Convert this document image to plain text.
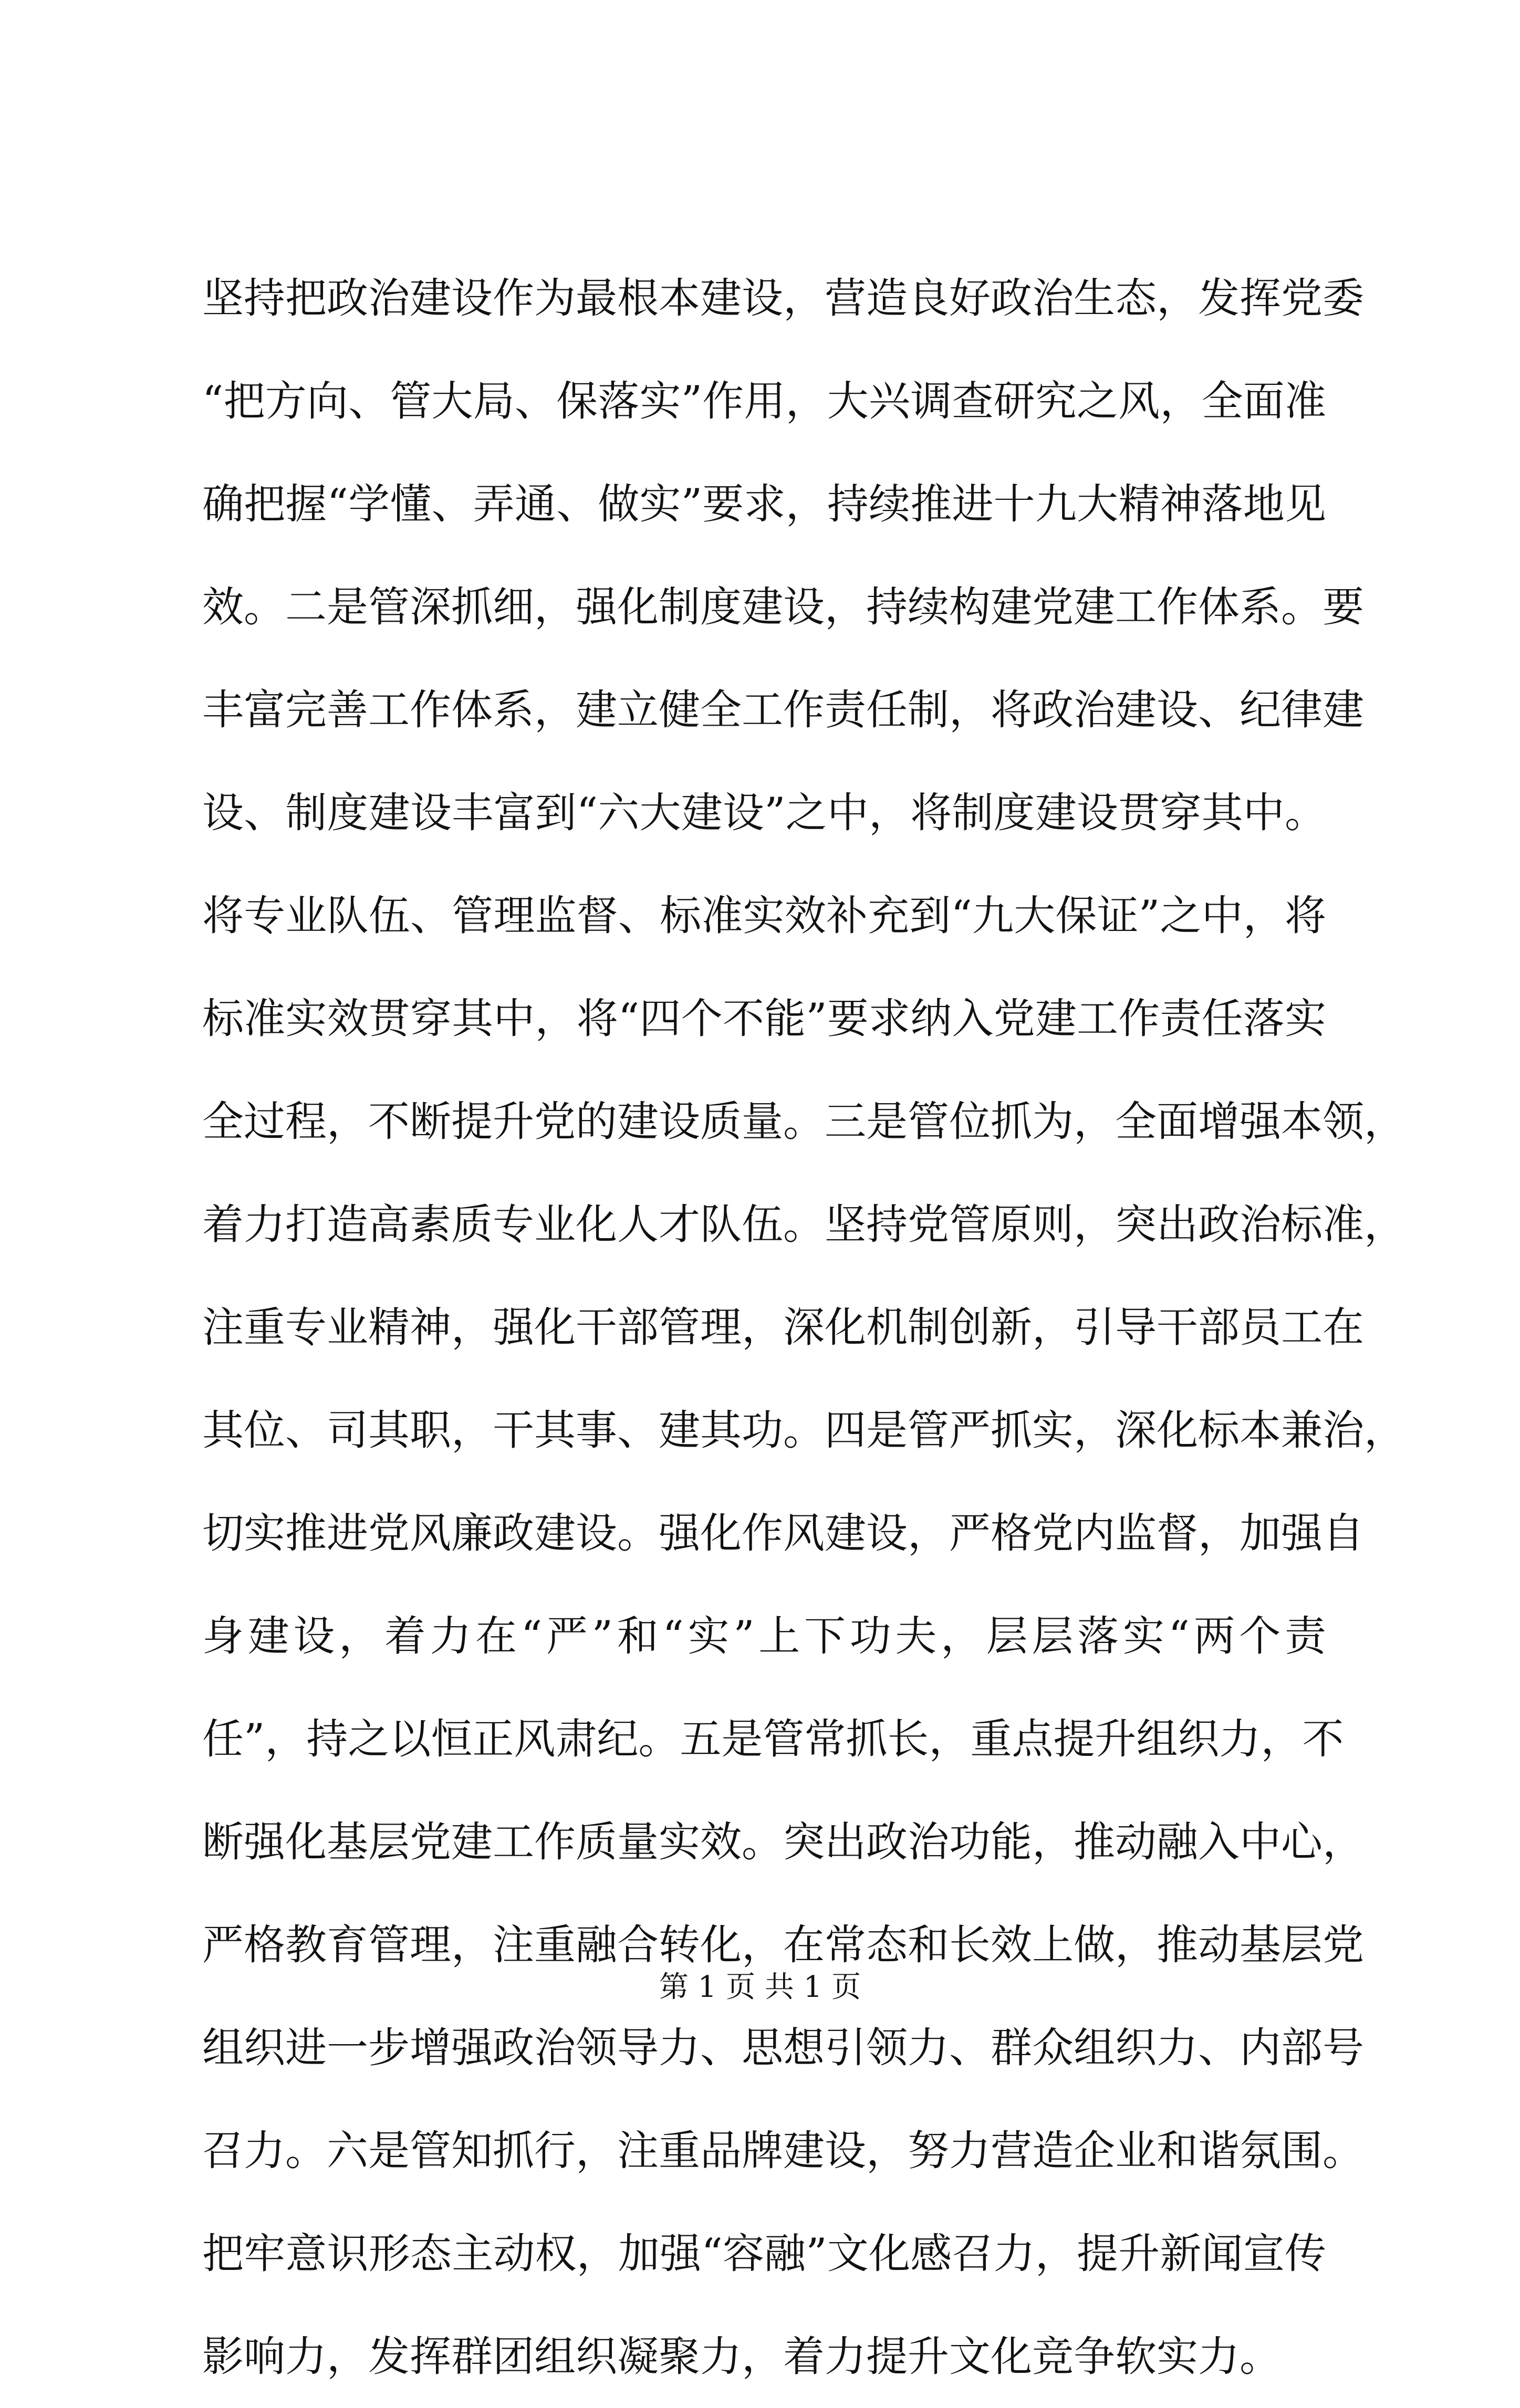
坚持把政治建设作为最根本建设，营造良好政治生态，发挥党委
“把方向、管大局、保落实”作用，大兴调查研究之风，全面准
确把握“学懂、弄通、做实”要求，持续推进十九大精神落地见
效。二是管深抓细，强化制度建设，持续构建党建工作体系。要
丰富完善工作体系，建立健全工作责任制，将政治建设、纪律建
设、制度建设丰富到“六大建设”之中，将制度建设贯穿其中。
将专业队伍、管理监督、标准实效补充到“九大保证”之中，将
标准实效贯穿其中，将“四个不能”要求纳入党建工作责任落实
全过程，不断提升党的建设质量。三是管位抓为，全面增强本领，
着力打造高素质专业化人才队伍。坚持党管原则，突出政治标准，
注重专业精神，强化干部管理，深化机制创新，引导干部员工在
其位、司其职，干其事、建其功。四是管严抓实，深化标本兼治，
切实推进党风廉政建设。强化作风建设，严格党内监督，加强自
身建设，着力在“严”和“实”上下功夫，层层落实“两个责
任”，持之以恒正风肃纪。五是管常抓长，重点提升组织力，不
断强化基层党建工作质量实效。突出政治功能，推动融入中心，
严格教育管理，注重融合转化，在常态和长效上做，推动基层党
组织进一步增强政治领导力、思想引领力、群众组织力、内部号
召力。六是管知抓行，注重品牌建设，努力营造企业和谐氛围。
把牢意识形态主动权，加强“容融”文化感召力，提升新闻宣传
影响力，发挥群团组织凝聚力，着力提升文化竞争软实力。
第 1 页 共 1 页
